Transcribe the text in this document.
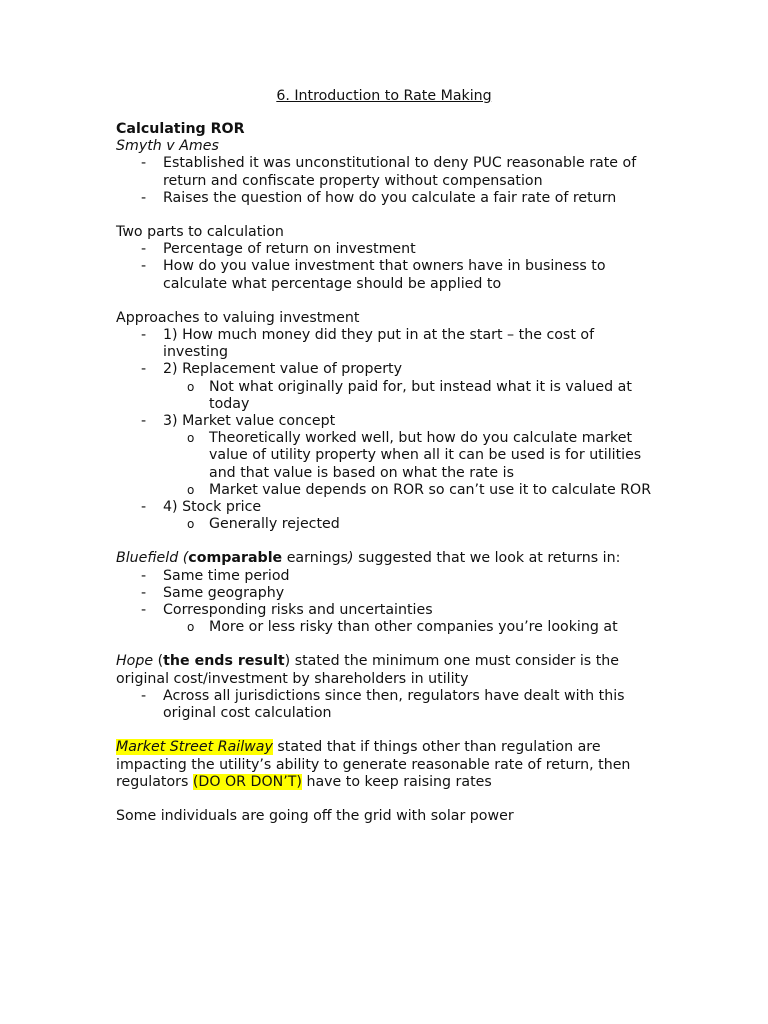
6. Introduction to Rate Making
Calculating ROR
Smyth v Ames
- Established it was unconstitutional to deny PUC reasonable rate of return and confiscate property without compensation
- Raises the question of how do you calculate a fair rate of return
Two parts to calculation
- Percentage of return on investment
- How do you value investment that owners have in business to calculate what percentage should be applied to
Approaches to valuing investment
- 1) How much money did they put in at the start – the cost of investing
- 2) Replacement value of property
o Not what originally paid for, but instead what it is valued at today
- 3) Market value concept
o Theoretically worked well, but how do you calculate market value of utility property when all it can be used is for utilities and that value is based on what the rate is
o Market value depends on ROR so can’t use it to calculate ROR
- 4) Stock price
o Generally rejected
Bluefield (comparable earnings) suggested that we look at returns in:
- Same time period
- Same geography
- Corresponding risks and uncertainties
o More or less risky than other companies you’re looking at
Hope (the ends result) stated the minimum one must consider is the original cost/investment by shareholders in utility
- Across all jurisdictions since then, regulators have dealt with this original cost calculation
Market Street Railway stated that if things other than regulation are impacting the utility’s ability to generate reasonable rate of return, then regulators (DO OR DON’T) have to keep raising rates
Some individuals are going off the grid with solar power
